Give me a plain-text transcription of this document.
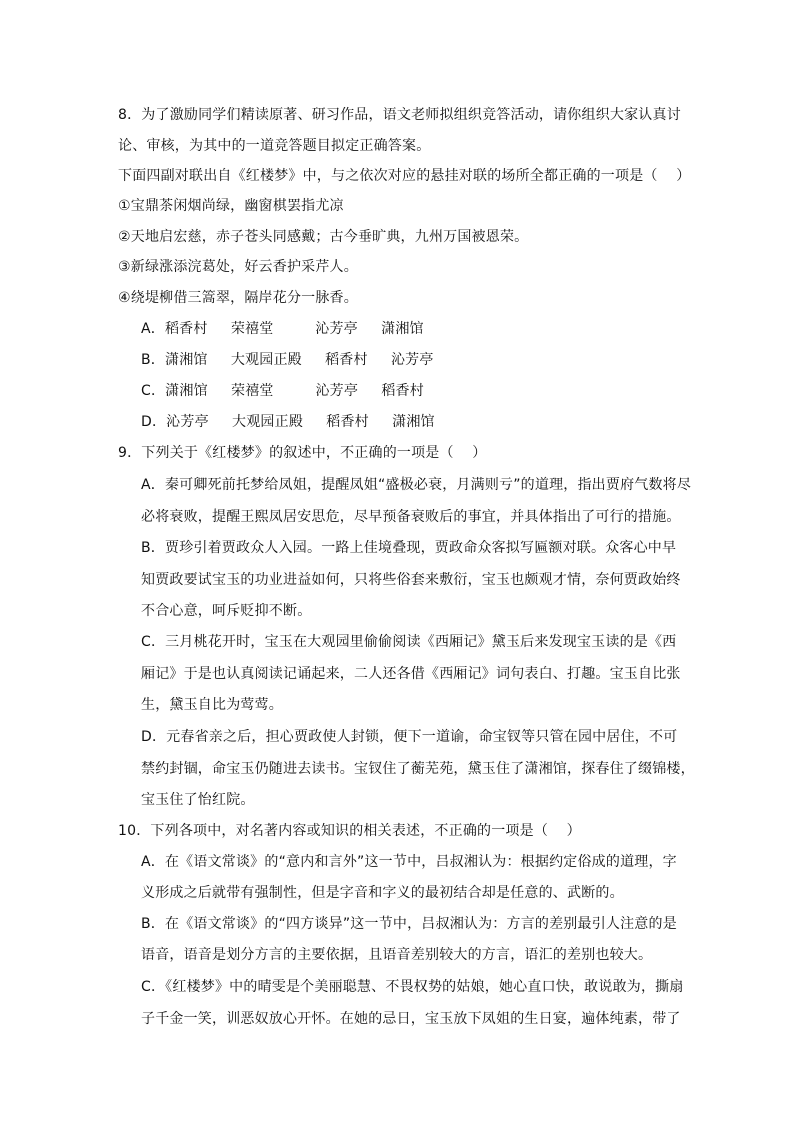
8．为了激励同学们精读原著、研习作品，语文老师拟组织竞答活动，请你组织大家认真讨
论、审核，为其中的一道竞答题目拟定正确答案。
下面四副对联出自《红楼梦》中，与之依次对应的悬挂对联的场所全都正确的一项是（    ）
①宝鼎茶闲烟尚绿，幽窗棋罢指尤凉
②天地启宏慈，赤子苍头同感戴；古今垂旷典，九州万国被恩荣。
③新绿涨添浣葛处，好云香护采芹人。
④绕堤柳借三篙翠，隔岸花分一脉香。
A．稻香村     荣禧堂         沁芳亭     潇湘馆
B．潇湘馆     大观园正殿     稻香村     沁芳亭
C．潇湘馆     荣禧堂         沁芳亭     稻香村
D．沁芳亭     大观园正殿     稻香村     潇湘馆
9．下列关于《红楼梦》的叙述中，不正确的一项是（    ）
A．秦可卿死前托梦给凤姐，提醒凤姐“盛极必衰，月满则亏”的道理，指出贾府气数将尽
必将衰败，提醒王熙凤居安思危，尽早预备衰败后的事宜，并具体指出了可行的措施。
B．贾珍引着贾政众人入园。一路上佳境叠现，贾政命众客拟写匾额对联。众客心中早
知贾政要试宝玉的功业进益如何，只将些俗套来敷衍，宝玉也颇观才情，奈何贾政始终
不合心意，呵斥贬抑不断。
C．三月桃花开时，宝玉在大观园里偷偷阅读《西厢记》黛玉后来发现宝玉读的是《西
厢记》于是也认真阅读记诵起来，二人还各借《西厢记》词句表白、打趣。宝玉自比张
生，黛玉自比为莺莺。
D．元春省亲之后，担心贾政使人封锁，便下一道谕，命宝钗等只管在园中居住，不可
禁约封锢，命宝玉仍随进去读书。宝钗住了蘅芜苑，黛玉住了潇湘馆，探春住了缀锦楼，
宝玉住了怡红院。
10．下列各项中，对名著内容或知识的相关表述，不正确的一项是（    ）
A．在《语文常谈》的“意内和言外”这一节中，吕叔湘认为：根据约定俗成的道理，字
义形成之后就带有强制性，但是字音和字义的最初结合却是任意的、武断的。
B．在《语文常谈》的“四方谈异”这一节中，吕叔湘认为：方言的差别最引人注意的是
语音，语音是划分方言的主要依据，且语音差别较大的方言，语汇的差别也较大。
C．《红楼梦》中的晴雯是个美丽聪慧、不畏权势的姑娘，她心直口快，敢说敢为，撕扇
子千金一笑，训恶奴放心开怀。在她的忌日，宝玉放下凤姐的生日宴，遍体纯素，带了
